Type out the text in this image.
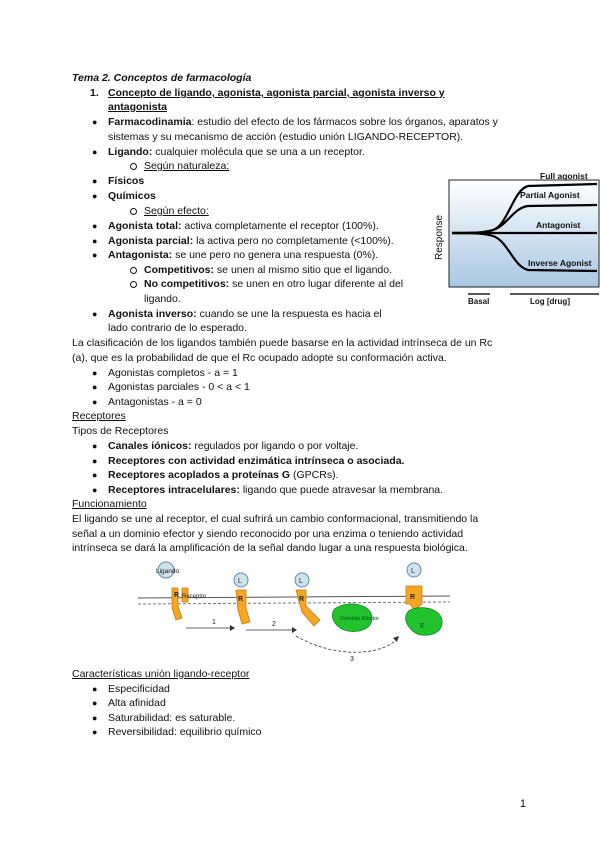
Tema 2. Conceptos de farmacología
1. Concepto de ligando, agonista, agonista parcial, agonista inverso y
antagonista
● Farmacodinamia: estudio del efecto de los fármacos sobre los órganos, aparatos y
sistemas y su mecanismo de acción (estudio unión LIGANDO-RECEPTOR).
● Ligando: cualquier molécula que se una a un receptor.
Según naturaleza:
● Físicos
● Químicos
Según efecto:
● Agonista total: activa completamente el receptor (100%).
● Agonista parcial: la activa pero no completamente (<100%).
● Antagonista: se une pero no genera una respuesta (0%).
Competitivos: se unen al mismo sitio que el ligando.
No competitivos: se unen en otro lugar diferente al del
ligando.
● Agonista inverso: cuando se une la respuesta es hacia el
lado contrario de lo esperado.
Response
Full agonist
Partial Agonist
Antagonist
Inverse Agonist
Basal	Log [drug]
La clasificación de los ligandos también puede basarse en la actividad intrínseca de un Rc
(a), que es la probabilidad de que el Rc ocupado adopte su conformación activa.
● Agonistas completos - a = 1
● Agonistas parciales - 0 < a < 1
● Antagonistas - a = 0
Receptores
Tipos de Receptores
● Canales iónicos: regulados por ligando o por voltaje.
● Receptores con actividad enzimática intrínseca o asociada.
● Receptores acoplados a proteínas G (GPCRs).
● Receptores intracelulares: ligando que puede atravesar la membrana.
Funcionamiento
El ligando se une al receptor, el cual sufrirá un cambio conformacional, transmitiendo la
señal a un dominio efector y siendo reconocido por una enzima o teniendo actividad
intrínseca se dará la amplificación de la señal dando lugar a una respuesta biológica.
Ligando
R Receptor
L
R
L
R
Dominio Efector
L
R
E
1	2
3
Características unión ligando-receptor
● Especificidad
● Alta afinidad
● Saturabilidad: es saturable.
● Reversibilidad: equilibrio químico
1
